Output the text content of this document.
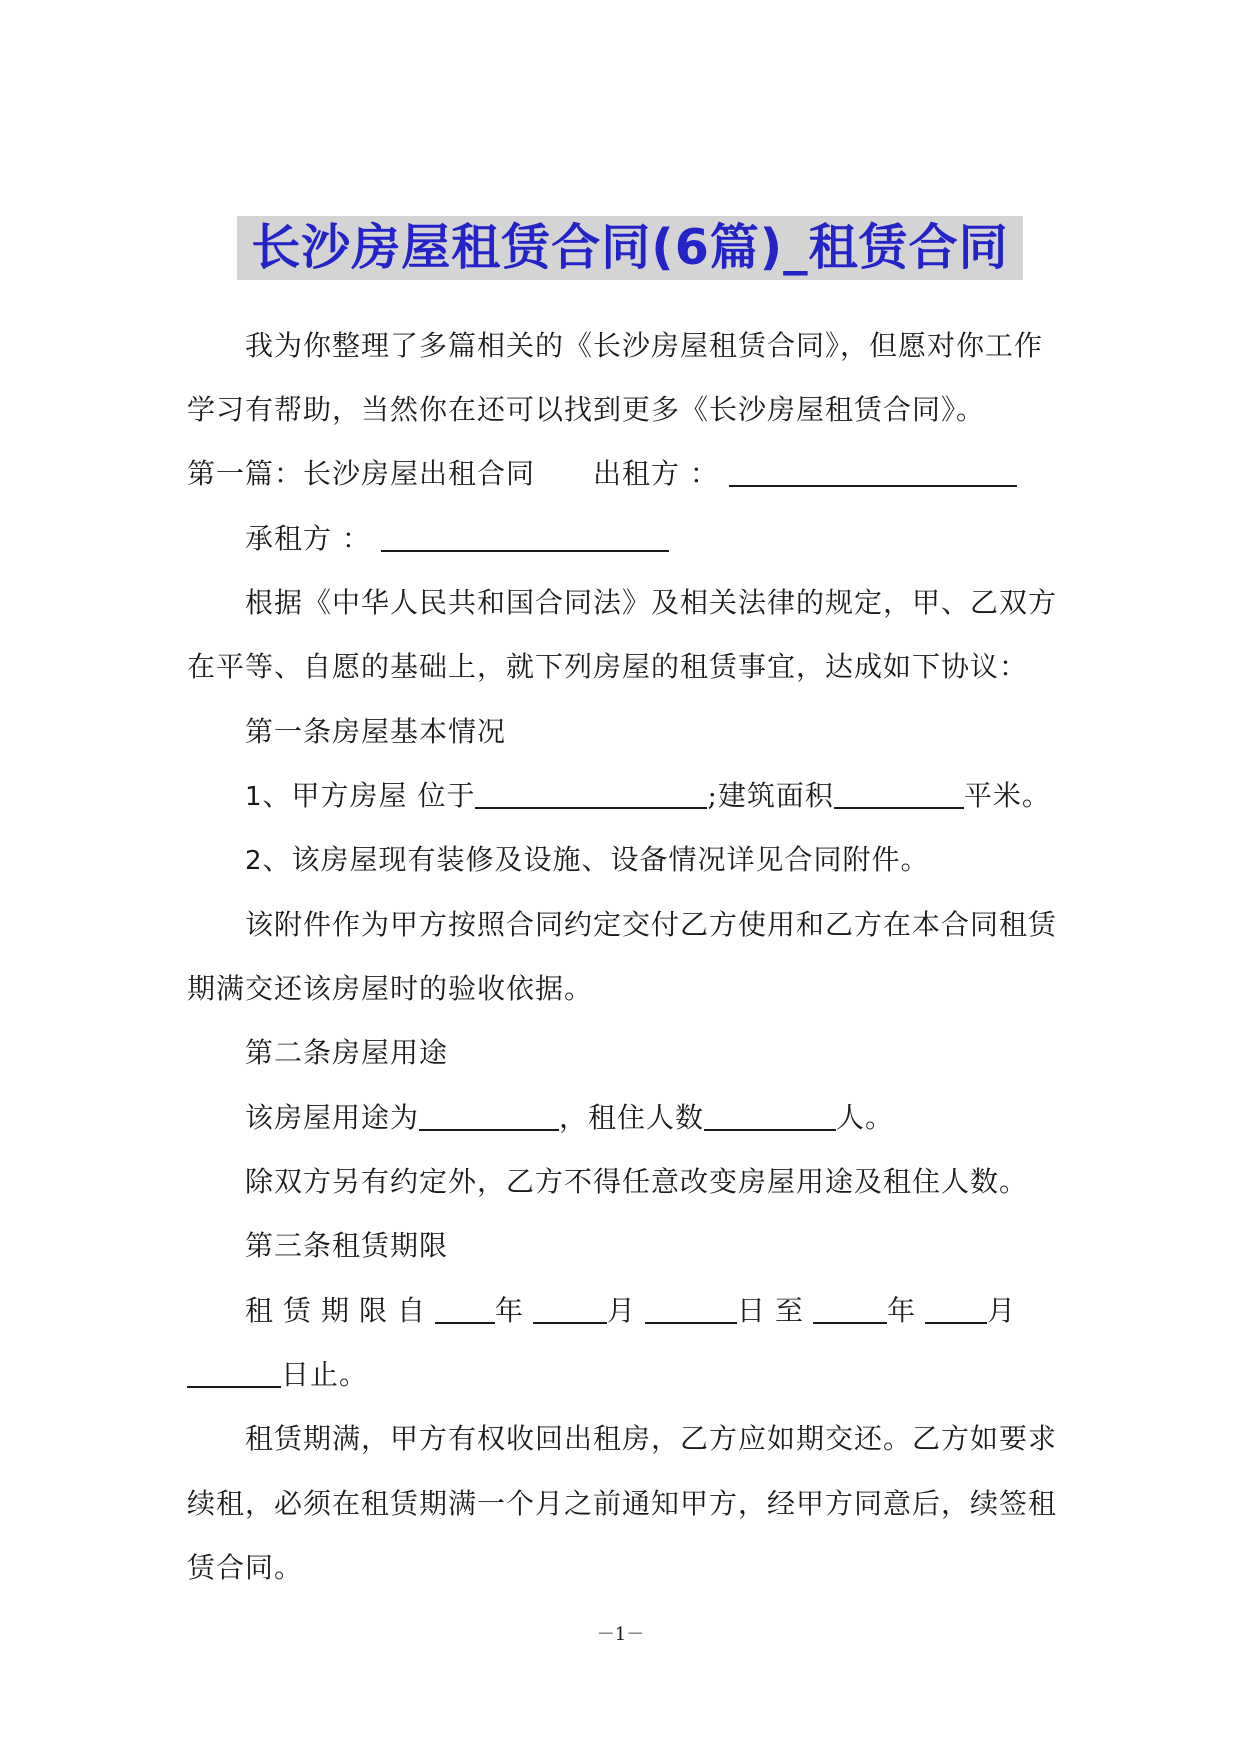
长沙房屋租赁合同(6篇)_租赁合同
我为你整理了多篇相关的《长沙房屋租赁合同》，但愿对你工作
学习有帮助，当然你在还可以找到更多《长沙房屋租赁合同》。
第一篇：长沙房屋出租合同 出租方 ：
承租方 ：
根据《中华人民共和国合同法》及相关法律的规定，甲、乙双方
在平等、自愿的基础上，就下列房屋的租赁事宜，达成如下协议：
第一条房屋基本情况
1、甲方房屋 位于	;建筑面积	平米。
2、该房屋现有装修及设施、设备情况详见合同附件。
该附件作为甲方按照合同约定交付乙方使用和乙方在本合同租赁
期满交还该房屋时的验收依据。
第二条房屋用途
该房屋用途为	，租住人数	人。
除双方另有约定外，乙方不得任意改变房屋用途及租住人数。
第三条租赁期限
租赁期限自 年	月	日至	年 月
日止。
租赁期满，甲方有权收回出租房，乙方应如期交还。乙方如要求
续租，必须在租赁期满一个月之前通知甲方，经甲方同意后，续签租
赁合同。
－1－
